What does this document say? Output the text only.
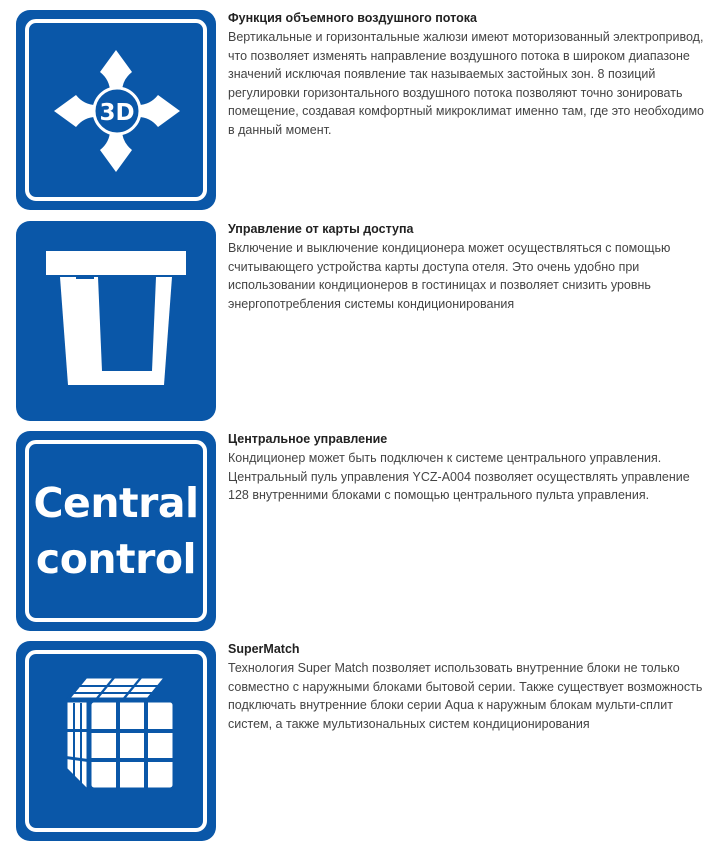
3D
Функция объемного воздушного потока
Вертикальные и горизонтальные жалюзи имеют моторизованный электропривод, что позволяет изменять направление воздушного потока в широком диапазоне значений исключая появление так называемых застойных зон. 8 позиций регулировки горизонтального воздушного потока позволяют точно зонировать помещение, создавая комфортный микроклимат именно там, где это необходимо в данный момент.
Управление от карты доступа
Включение и выключение кондиционера может осуществляться с помощью считывающего устройства карты доступа отеля. Это очень удобно при использовании кондиционеров в гостиницах и позволяет снизить уровнь энергопотребления системы кондиционирования
Central
control
Центральное управление
Кондиционер может быть подключен к системе центрального управления. Центральный пуль управления YCZ-A004 позволяет осуществлять управление 128 внутренними блоками с помощью центрального пульта управления.
SuperMatch
Технология Super Match позволяет использовать внутренние блоки не только совместно с наружными блоками бытовой серии. Также существует возможность подключать внутренние блоки серии Aqua к наружным блокам мульти-сплит систем, а также мультизональных систем кондиционирования
